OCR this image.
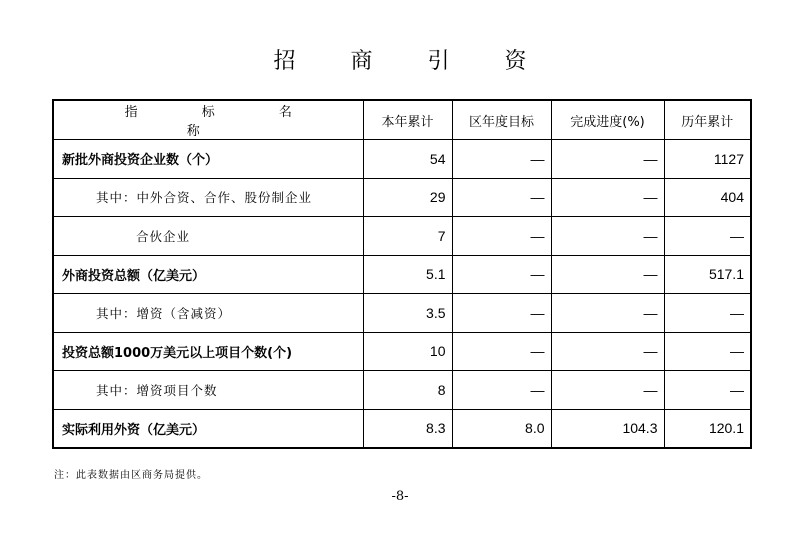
招 商 引 资
指 标 名 称	本年累计	区年度目标	完成进度(%)	历年累计
新批外商投资企业数（个）	54	—	—	1127
其中：中外合资、合作、股份制企业	29	—	—	404
合伙企业	7	—	—	—
外商投资总额（亿美元）	5.1	—	—	517.1
其中：增资（含减资）	3.5	—	—	—
投资总额1000万美元以上项目个数(个)	10	—	—	—
其中：增资项目个数	8	—	—	—
实际利用外资（亿美元）	8.3	8.0	104.3	120.1
注：此表数据由区商务局提供。
-8-
